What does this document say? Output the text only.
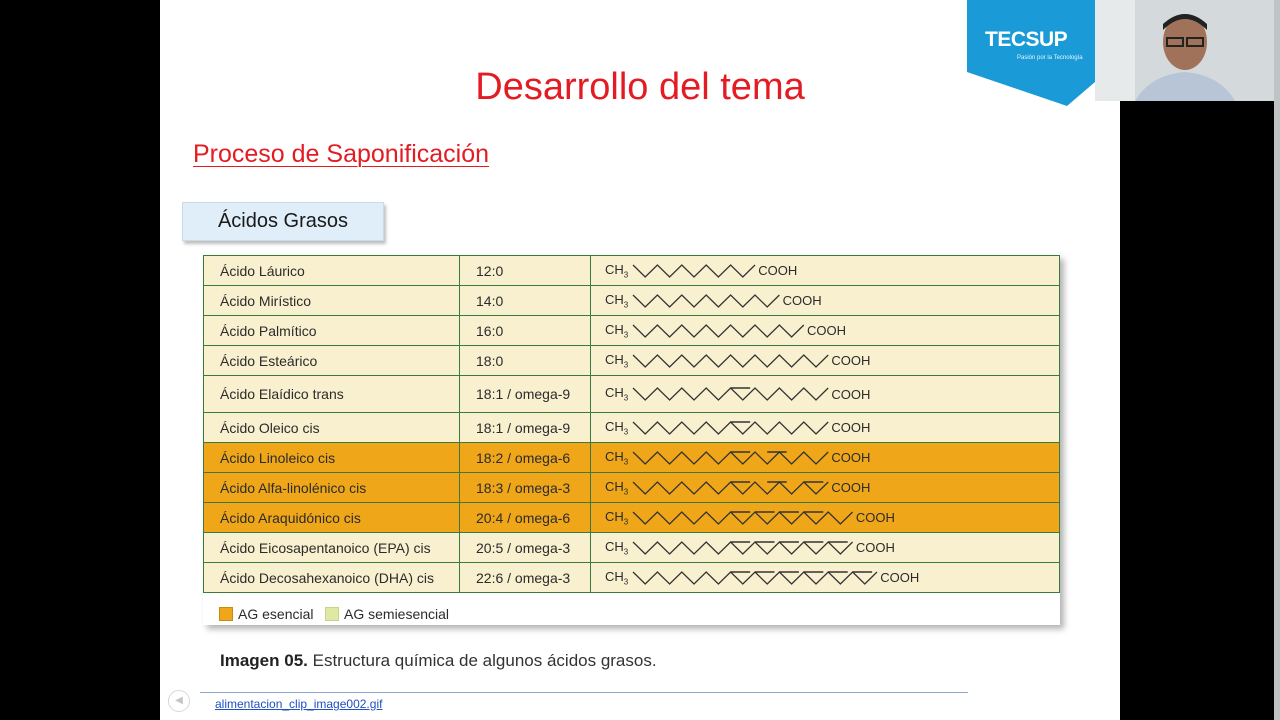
TECSUP
Pasión por la Tecnología
Desarrollo del tema
Proceso de Saponificación
Ácidos Grasos
Ácido Láurico	12:0	$CH_3$ COOH
Ácido Mirístico	14:0	$CH_3$ COOH
Ácido Palmítico	16:0	$CH_3$ COOH
Ácido Esteárico	18:0	$CH_3$ COOH
Ácido Elaídico trans	18:1 / omega-9	$CH_3$ COOH
Ácido Oleico cis	18:1 / omega-9	$CH_3$ COOH
Ácido Linoleico cis	18:2 / omega-6	$CH_3$ COOH
Ácido Alfa-linolénico cis	18:3 / omega-3	$CH_3$ COOH
Ácido Araquidónico cis	20:4 / omega-6	$CH_3$ COOH
Ácido Eicosapentanoico (EPA) cis	20:5 / omega-3	$CH_3$ COOH
Ácido Decosahexanoico (DHA) cis	22:6 / omega-3	$CH_3$ COOH
AG esencial AG semiesencial
Imagen 05. Estructura química de algunos ácidos grasos.
◀	alimentacion_clip_image002.gif
